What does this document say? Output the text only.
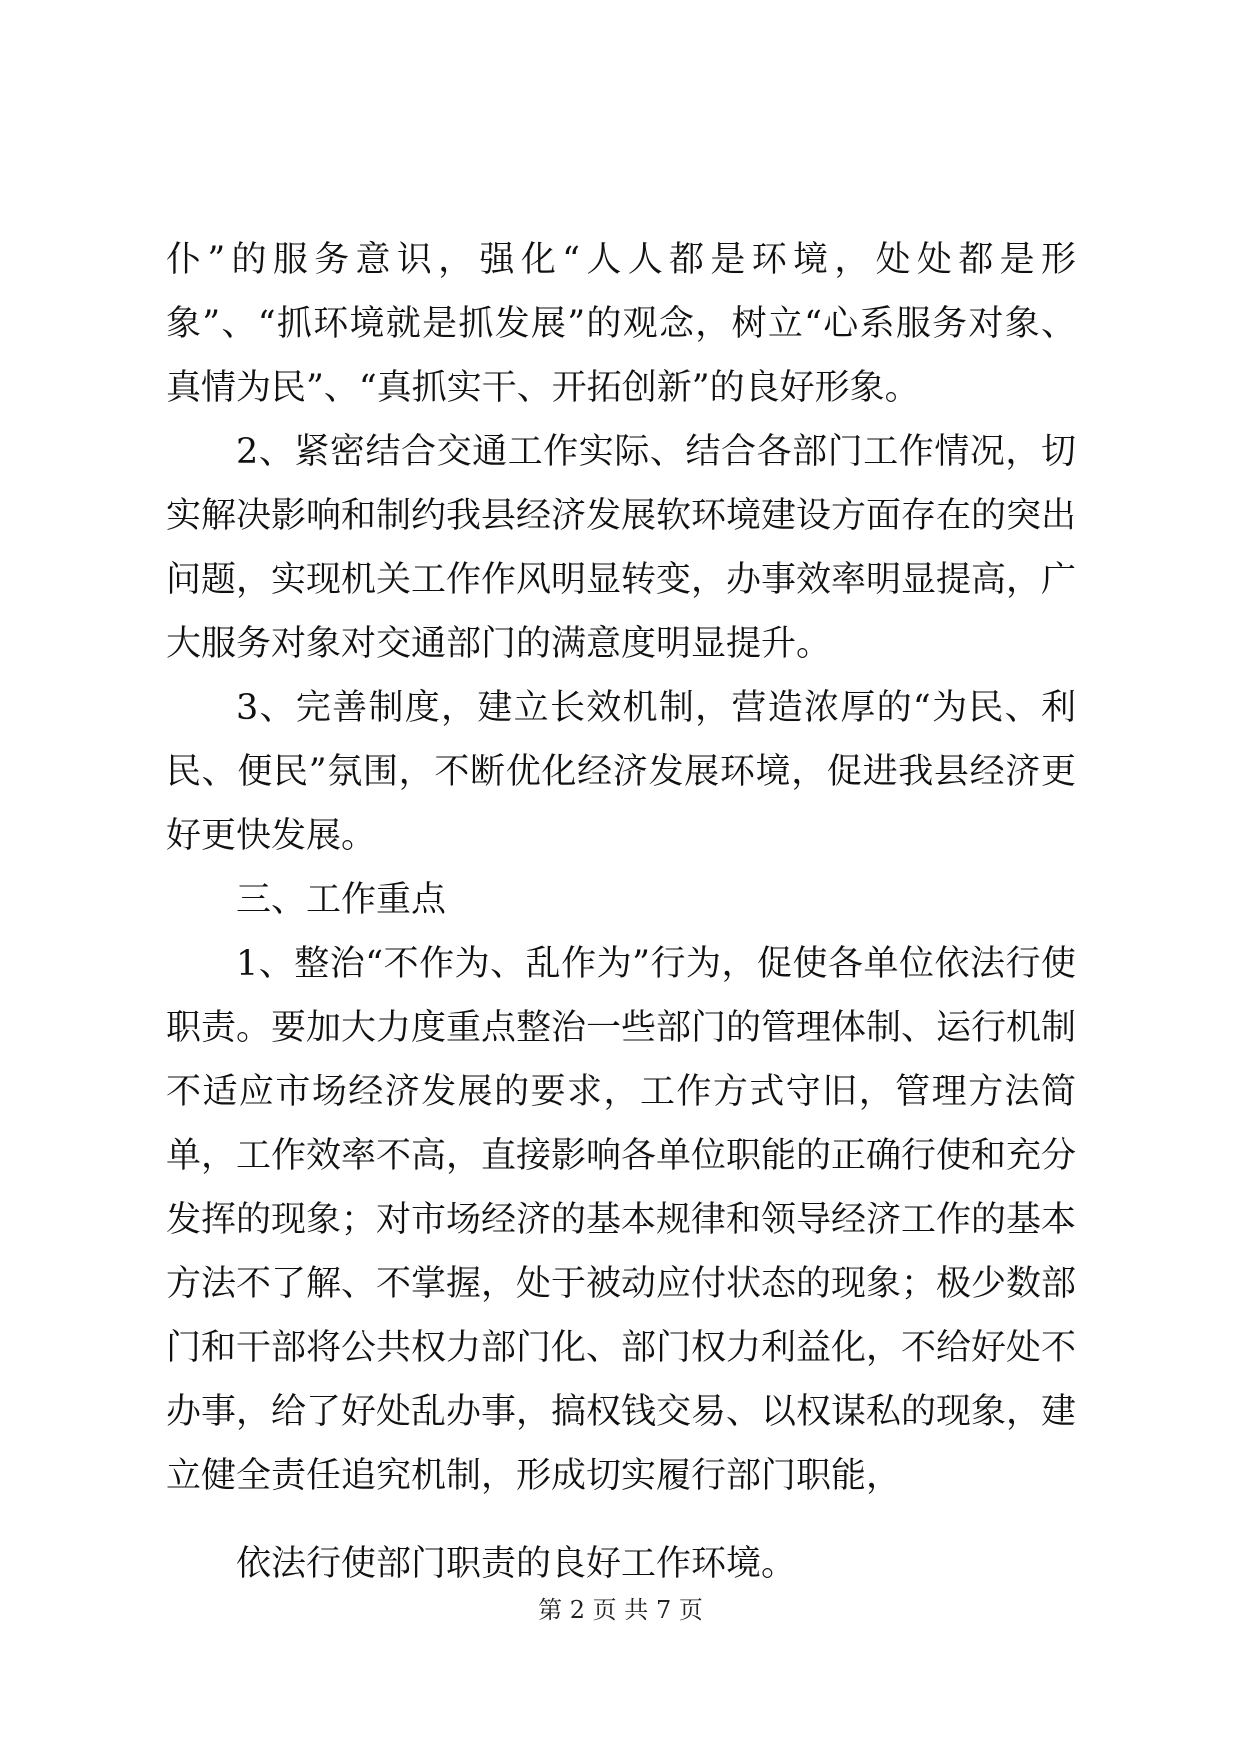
仆”的服务意识，强化“人人都是环境，处处都是形象”、“抓环境就是抓发展”的观念，树立“心系服务对象、真情为民”、“真抓实干、开拓创新”的良好形象。

2、紧密结合交通工作实际、结合各部门工作情况，切实解决影响和制约我县经济发展软环境建设方面存在的突出问题，实现机关工作作风明显转变，办事效率明显提高，广大服务对象对交通部门的满意度明显提升。

3、完善制度，建立长效机制，营造浓厚的“为民、利民、便民”氛围，不断优化经济发展环境，促进我县经济更好更快发展。

三、工作重点

1、整治“不作为、乱作为”行为，促使各单位依法行使职责。要加大力度重点整治一些部门的管理体制、运行机制不适应市场经济发展的要求，工作方式守旧，管理方法简单，工作效率不高，直接影响各单位职能的正确行使和充分发挥的现象；对市场经济的基本规律和领导经济工作的基本方法不了解、不掌握，处于被动应付状态的现象；极少数部门和干部将公共权力部门化、部门权力利益化，不给好处不办事，给了好处乱办事，搞权钱交易、以权谋私的现象，建立健全责任追究机制，形成切实履行部门职能，

依法行使部门职责的良好工作环境。

第 2 页 共 7 页
